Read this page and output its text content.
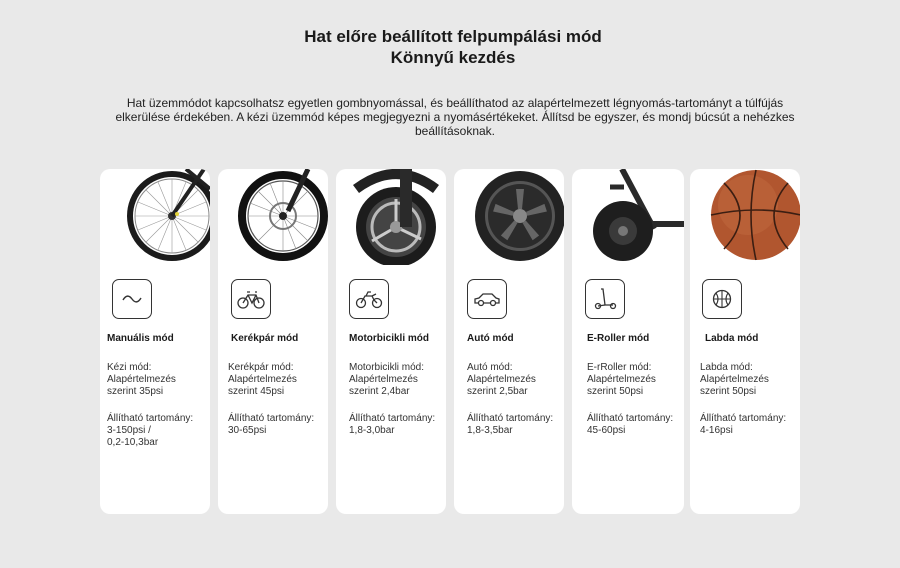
Hat előre beállított felpumpálási mód
Könnyű kezdés
Hat üzemmódot kapcsolhatsz egyetlen gombnyomással, és beállíthatod az alapértelmezett légnyomás-tartományt a túlfújás elkerülése érdekében. A kézi üzemmód képes megjegyezni a nyomásértékeket. Állítsd be egyszer, és mondj búcsút a nehézkes beállításoknak.
Manuális mód
Kézi mód:
Alapértelmezés
szerint 35psi
Állítható tartomány:
3-150psi /
0,2-10,3bar
Kerékpár mód
Kerékpár mód:
Alapértelmezés
szerint 45psi
Állítható tartomány:
30-65psi
Motorbicikli mód
Motorbicikli mód:
Alapértelmezés
szerint 2,4bar
Állítható tartomány:
1,8-3,0bar
Autó mód
Autó mód:
Alapértelmezés
szerint 2,5bar
Állítható tartomány:
1,8-3,5bar
E-Roller mód
E-rRoller mód:
Alapértelmezés
szerint 50psi
Állítható tartomány:
45-60psi
Labda mód
Labda mód:
Alapértelmezés
szerint 50psi
Állítható tartomány:
4-16psi
